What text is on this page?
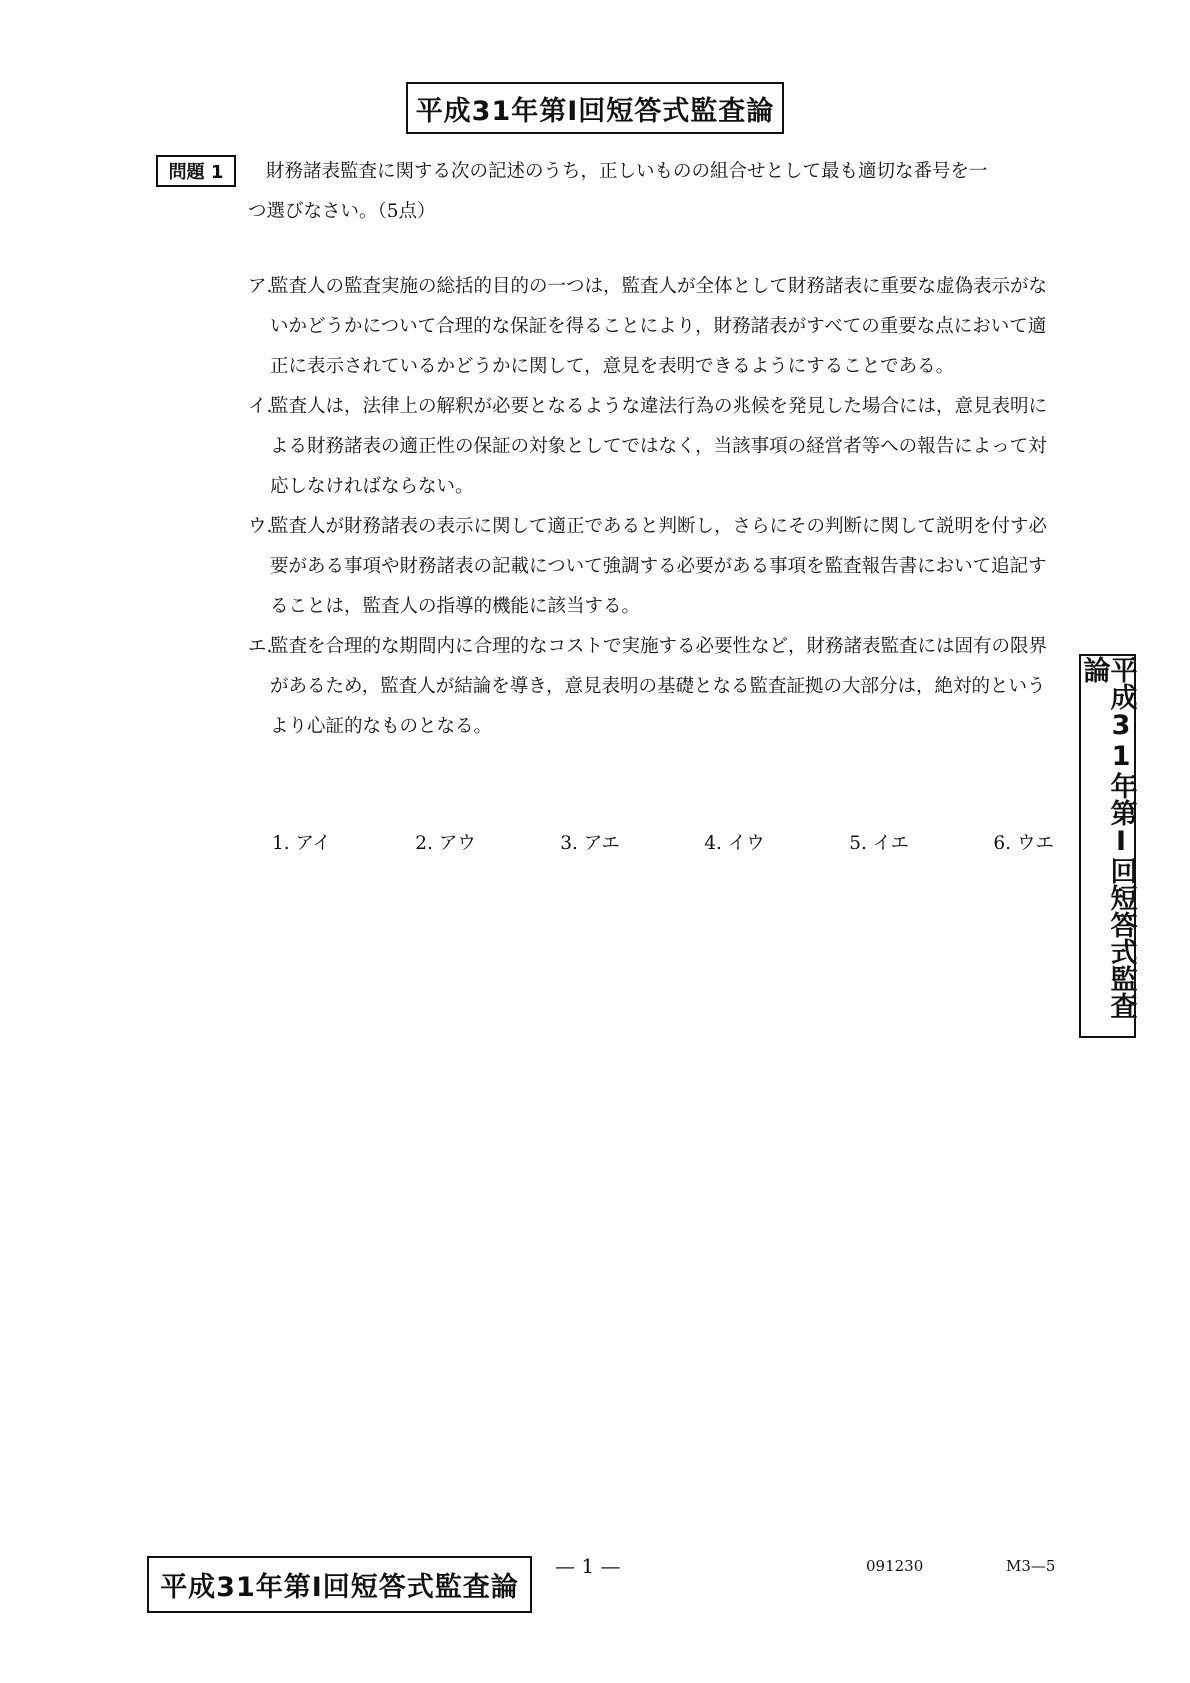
平成31年第Ⅰ回短答式監査論
問題 1	財務諸表監査に関する次の記述のうち，正しいものの組合せとして最も適切な番号を一
つ選びなさい。（5点）
ア.
監査人の監査実施の総括的目的の一つは，監査人が全体として財務諸表に重要な虚偽表示がないかどうかについて合理的な保証を得ることにより，財務諸表がすべての重要な点において適正に表示されているかどうかに関して，意見を表明できるようにすることである。
イ.
監査人は，法律上の解釈が必要となるような違法行為の兆候を発見した場合には，意見表明による財務諸表の適正性の保証の対象としてではなく，当該事項の経営者等への報告によって対応しなければならない。
ウ.
監査人が財務諸表の表示に関して適正であると判断し，さらにその判断に関して説明を付す必要がある事項や財務諸表の記載について強調する必要がある事項を監査報告書において追記することは，監査人の指導的機能に該当する。
エ.
監査を合理的な期間内に合理的なコストで実施する必要性など，財務諸表監査には固有の限界があるため，監査人が結論を導き，意見表明の基礎となる監査証拠の大部分は，絶対的というより心証的なものとなる。
1. アイ	2. アウ	3. アエ	4. イウ	5. イエ	6. ウエ	平成31年第Ⅰ回短答式監査論
平成31年第Ⅰ回短答式監査論
— 1 —	091230	M3—5
